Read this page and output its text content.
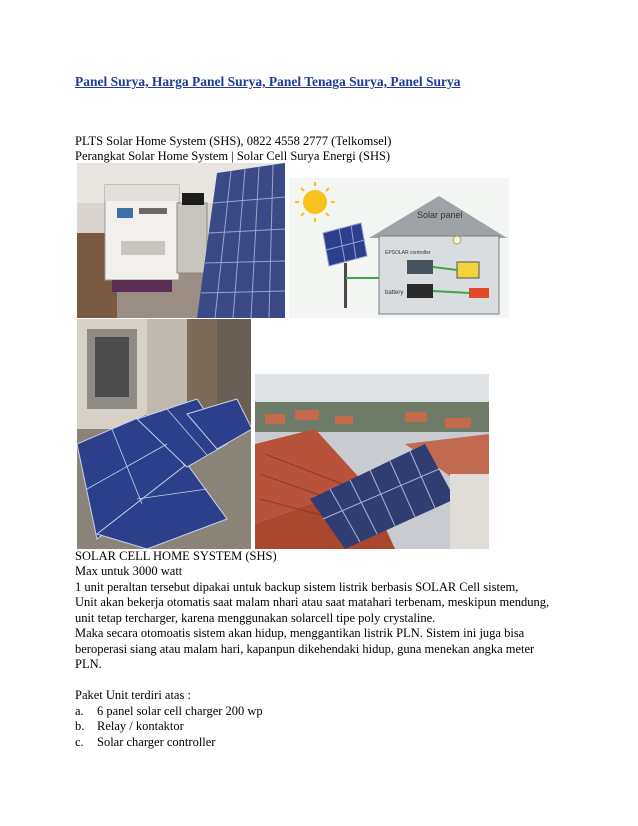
Panel Surya, Harga Panel Surya, Panel Tenaga Surya, Panel Surya
PLTS Solar Home System (SHS), 0822 4558 2777 (Telkomsel)
Perangkat Solar Home System | Solar Cell Surya Energi (SHS)
Solar panel
EPSOLAR controller
battery
SOLAR CELL HOME SYSTEM (SHS)
Max untuk 3000 watt
1 unit peraltan tersebut dipakai untuk backup sistem listrik berbasis SOLAR Cell sistem,
Unit akan bekerja otomatis saat malam nhari atau saat matahari terbenam, meskipun mendung,
unit tetap tercharger, karena menggunakan solarcell tipe poly crystaline.
Maka secara otomoatis sistem akan hidup, menggantikan listrik PLN. Sistem ini juga bisa
beroperasi siang atau malam hari, kapanpun dikehendaki hidup, guna menekan angka meter
PLN.
Paket Unit terdiri atas :
a. 6 panel solar cell charger 200 wp
b. Relay / kontaktor
c. Solar charger controller
